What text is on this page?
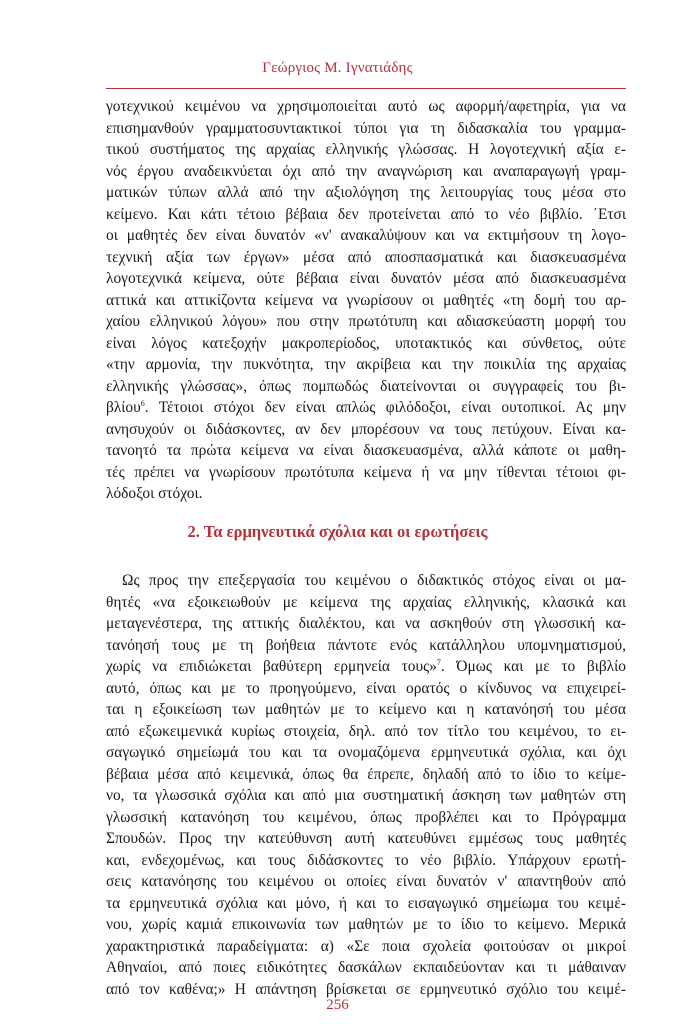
Γεώργιος Μ. Ιγνατιάδης
γοτεχνικού κειμένου να χρησιμοποιείται αυτό ως αφορμή/αφετηρία, για να
επισημανθούν γραμματοσυντακτικοί τύποι για τη διδασκαλία του γραμμα-
τικού συστήματος της αρχαίας ελληνικής γλώσσας. Η λογοτεχνική αξία ε-
νός έργου αναδεικνύεται όχι από την αναγνώριση και αναπαραγωγή γραμ-
ματικών τύπων αλλά από την αξιολόγηση της λειτουργίας τους μέσα στο
κείμενο. Και κάτι τέτοιο βέβαια δεν προτείνεται από το νέο βιβλίο. ΄Ετσι
οι μαθητές δεν είναι δυνατόν «ν' ανακαλύψουν και να εκτιμήσουν τη λογο-
τεχνική αξία των έργων» μέσα από αποσπασματικά και διασκευασμένα
λογοτεχνικά κείμενα, ούτε βέβαια είναι δυνατόν μέσα από διασκευασμένα
αττικά και αττικίζοντα κείμενα να γνωρίσουν οι μαθητές «τη δομή του αρ-
χαίου ελληνικού λόγου» που στην πρωτότυπη και αδιασκεύαστη μορφή του
είναι λόγος κατεξοχήν μακροπερίοδος, υποτακτικός και σύνθετος, ούτε
«την αρμονία, την πυκνότητα, την ακρίβεια και την ποικιλία της αρχαίας
ελληνικής γλώσσας», όπως πομπωδώς διατείνονται οι συγγραφείς του βι-
βλίου$^6$. Τέτοιοι στόχοι δεν είναι απλώς φιλόδοξοι, είναι ουτοπικοί. Ας μην
ανησυχούν οι διδάσκοντες, αν δεν μπορέσουν να τους πετύχουν. Είναι κα-
τανοητό τα πρώτα κείμενα να είναι διασκευασμένα, αλλά κάποτε οι μαθη-
τές πρέπει να γνωρίσουν πρωτότυπα κείμενα ή να μην τίθενται τέτοιοι φι-
λόδοξοι στόχοι.
2. Τα ερμηνευτικά σχόλια και οι ερωτήσεις
Ως προς την επεξεργασία του κειμένου ο διδακτικός στόχος είναι οι μα-
θητές «να εξοικειωθούν με κείμενα της αρχαίας ελληνικής, κλασικά και
μεταγενέστερα, της αττικής διαλέκτου, και να ασκηθούν στη γλωσσική κα-
τανόησή τους με τη βοήθεια πάντοτε ενός κατάλληλου υπομνηματισμού,
χωρίς να επιδιώκεται βαθύτερη ερμηνεία τους»$^7$. Όμως και με το βιβλίο
αυτό, όπως και με το προηγούμενο, είναι ορατός ο κίνδυνος να επιχειρεί-
ται η εξοικείωση των μαθητών με το κείμενο και η κατανόησή του μέσα
από εξωκειμενικά κυρίως στοιχεία, δηλ. από τον τίτλο του κειμένου, το ει-
σαγωγικό σημείωμά του και τα ονομαζόμενα ερμηνευτικά σχόλια, και όχι
βέβαια μέσα από κειμενικά, όπως θα έπρεπε, δηλαδή από το ίδιο το κείμε-
νο, τα γλωσσικά σχόλια και από μια συστηματική άσκηση των μαθητών στη
γλωσσική κατανόηση του κειμένου, όπως προβλέπει και το Πρόγραμμα
Σπουδών. Προς την κατεύθυνση αυτή κατευθύνει εμμέσως τους μαθητές
και, ενδεχομένως, και τους διδάσκοντες το νέο βιβλίο. Υπάρχουν ερωτή-
σεις κατανόησης του κειμένου οι οποίες είναι δυνατόν ν' απαντηθούν από
τα ερμηνευτικά σχόλια και μόνο, ή και το εισαγωγικό σημείωμα του κειμέ-
νου, χωρίς καμιά επικοινωνία των μαθητών με το ίδιο το κείμενο. Μερικά
χαρακτηριστικά παραδείγματα: α) «Σε ποια σχολεία φοιτούσαν οι μικροί
Αθηναίοι, από ποιες ειδικότητες δασκάλων εκπαιδεύονταν και τι μάθαιναν
από τον καθένα;» Η απάντηση βρίσκεται σε ερμηνευτικό σχόλιο του κειμέ-
256
